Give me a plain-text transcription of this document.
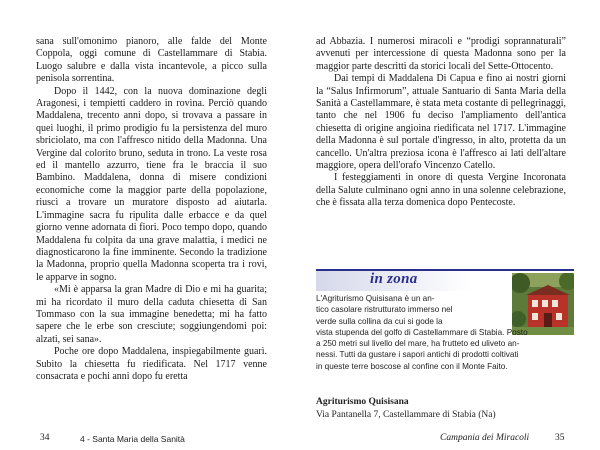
sana sull'omonimo pianoro, alle falde del Monte Coppola, oggi comune di Castellammare di Stabia. Luogo salubre e dalla vista incantevole, a picco sulla penisola sorrentina.

Dopo il 1442, con la nuova dominazione degli Aragonesi, i tempietti caddero in rovina. Perciò quando Maddalena, trecento anni dopo, si trovava a passare in quei luoghi, il primo prodigio fu la persistenza del muro sbriciolato, ma con l'affresco nitido della Madonna. Una Vergine dal colorito bruno, seduta in trono. La veste rosa ed il mantello azzurro, tiene fra le braccia il suo Bambino. Maddalena, donna di misere condizioni economiche come la maggior parte della popolazione, riuscì a trovare un muratore disposto ad aiutarla. L'immagine sacra fu ripulita dalle erbacce e da quel giorno venne adornata di fiori. Poco tempo dopo, quando Maddalena fu colpita da una grave malattia, i medici ne diagnosticarono la fine imminente. Secondo la tradizione la Madonna, proprio quella Madonna scoperta tra i rovi, le apparve in sogno.

«Mi è apparsa la gran Madre di Dio e mi ha guarita; mi ha ricordato il muro della caduta chiesetta di San Tommaso con la sua immagine benedetta; mi ha fatto sapere che le erbe son crescìute; soggiungendomi poi: alzati, sei sana».

Poche ore dopo Maddalena, inspiegabilmente guarì. Subito la chiesetta fu riedificata. Nel 1717 venne consacrata e pochi anni dopo fu eretta

ad Abbazia. I numerosi miracoli e “prodigi soprannaturali” avvenuti per intercessione di questa Madonna sono per la maggior parte descritti da storici locali del Sette-Ottocento.

Dai tempi di Maddalena Di Capua e fino ai nostri giorni la “Salus Infirmorum”, attuale Santuario di Santa Maria della Sanità a Castellammare, è stata meta costante di pellegrinaggi, tanto che nel 1906 fu deciso l'ampliamento dell'antica chiesetta di origine angioina riedificata nel 1717. L'immagine della Madonna è sul portale d'ingresso, in alto, protetta da un cancello. Un'altra preziosa icona è l'affresco ai lati dell'altare maggiore, opera dell'orafo Vincenzo Catello.

I festeggiamenti in onore di questa Vergine Incoronata della Salute culminano ogni anno in una solenne celebrazione, che è fissata alla terza domenica dopo Pentecoste.

in zona
L'Agriturismo Quisisana è un an-
tico casolare ristrutturato immerso nel
verde sulla collina da cui si gode la
vista stupenda del golfo di Castellammare di Stabia. Posto
a 250 metri sul livello del mare, ha frutteto ed uliveto an-
nessi. Tutti da gustare i sapori antichi di prodotti coltivati
in queste terre boscose al confine con il Monte Faito.
Agriturismo Quisisana
Via Pantanella 7, Castellammare di Stabia (Na)
34	4 - Santa Maria della Sanità	Campania dei Miracoli	35
